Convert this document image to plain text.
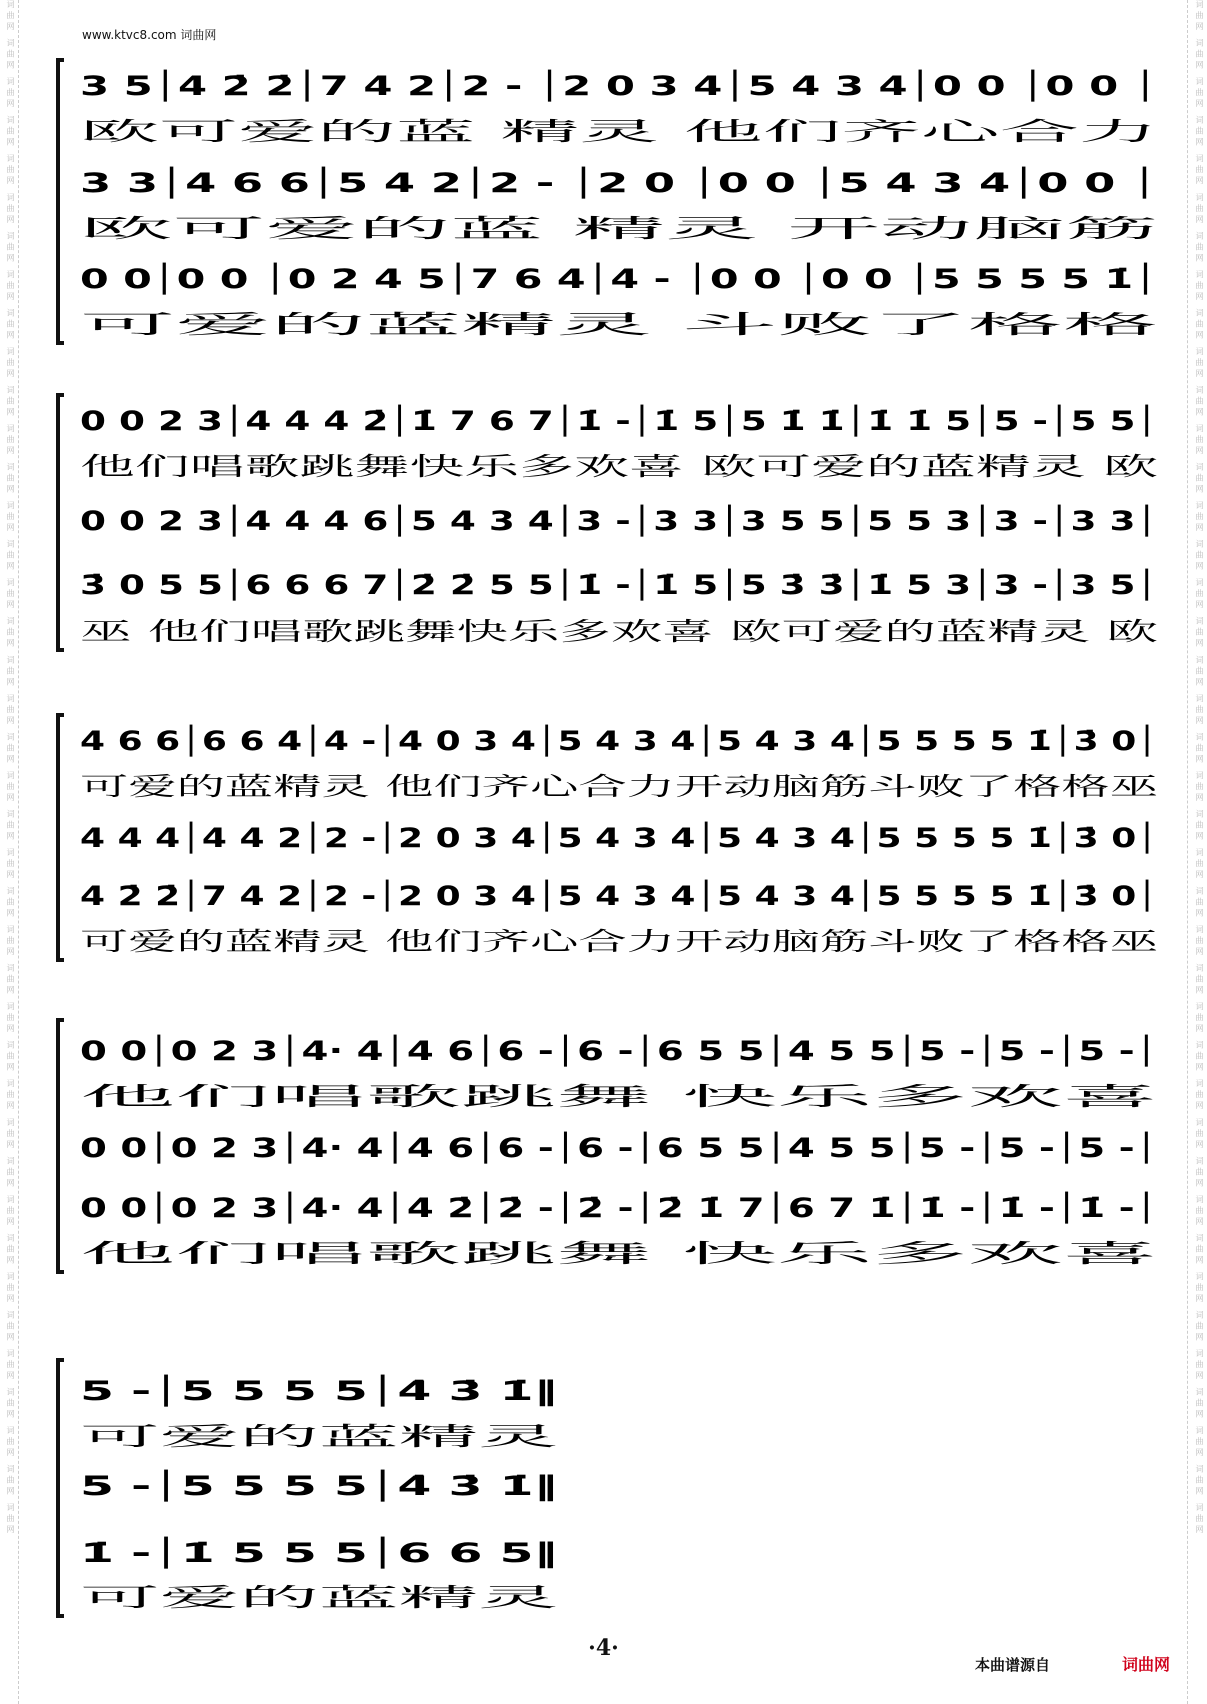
www.ktvc8.com 词曲网
词曲网 词曲网 词曲网 词曲网 词曲网 词曲网 词曲网 词曲网 词曲网 词曲网 词曲网 词曲网 词曲网 词曲网 词曲网 词曲网 词曲网 词曲网 词曲网 词曲网 词曲网 词曲网 词曲网 词曲网 词曲网 词曲网 词曲网 词曲网 词曲网 词曲网 词曲网 词曲网 词曲网 词曲网 词曲网 词曲网 词曲网 词曲网 词曲网 词曲网	词曲网 词曲网 词曲网 词曲网 词曲网 词曲网 词曲网 词曲网 词曲网 词曲网 词曲网 词曲网 词曲网 词曲网 词曲网 词曲网 词曲网 词曲网 词曲网 词曲网 词曲网 词曲网 词曲网 词曲网 词曲网 词曲网 词曲网 词曲网 词曲网 词曲网 词曲网 词曲网 词曲网 词曲网 词曲网 词曲网 词曲网 词曲网 词曲网 词曲网
3 5│4 2̇ 2̇│7 4 2│2 - │2 0 3 4│5 4 3 4│0 0 │0 0 │
欧可爱的蓝 精灵 他们齐心合力
3 3│4 6 6│5 4 2│2 - │2 0 │0 0 │5 4 3 4│0 0 │
欧可爱的蓝 精灵 开动脑筋
0 0│0 0 │0 2 4 5│7 6 4│4 - │0 0 │0 0 │5 5 5 5 1̇│
可爱的蓝精灵 斗败了格格
0 0 2 3│4 4 4 2̇│1̇ 7 6 7│1̇ -│1̇ 5│5 1̇ 1̇│1̇ 1̇ 5│5 -│5 5│
他们唱歌跳舞快乐多欢喜 欧可爱的蓝精灵 欧
0 0 2 3│4 4 4 6│5 4 3 4│3 -│3 3│3 5 5│5 5 3│3 -│3 3│
3̇ 0 5 5│6 6 6 7│2̇ 2̇ 5 5│1̇ -│1̇ 5│5 3̇ 3̇│1̇ 5 3│3 -│3 5│
巫 他们唱歌跳舞快乐多欢喜 欧可爱的蓝精灵 欧
4 6 6│6 6 4│4 -│4 0 3 4│5 4 3 4│5 4 3 4│5 5 5 5 1̇│3̇ 0│
可爱的蓝精灵 他们齐心合力开动脑筋斗败了格格巫
4 4 4│4 4 2│2 -│2 0 3 4│5 4 3 4│5 4 3 4│5 5 5 5 1̇│3̇ 0│
4 2̇ 2̇│7 4 2│2 -│2 0 3 4│5 4 3 4│5 4 3 4│5 5 5 5 1̇│3̇ 0│
可爱的蓝精灵 他们齐心合力开动脑筋斗败了格格巫
0 0│0 2 3│4· 4│4 6│6 -│6 -│6 5 5│4 5 5│5 -│5 -│5 -│
他们唱歌跳舞 快乐多欢喜
0 0│0 2 3│4· 4│4 6│6 -│6 -│6 5 5│4 5 5│5 -│5 -│5 -│
0 0│0 2 3│4· 4│4 2̇│2̇ -│2̇ -│2̇ 1̇ 7│6 7 1̇│1̇ -│1̇ -│1̇ -│
他们唱歌跳舞 快乐多欢喜
5 -│5 5 5 5│4̇ 3̇ 1̇‖
可爱的蓝精灵
5 -│5 5 5 5│4̇ 3̇ 1̇‖
1̇ -│1̇ 5 5 5│6 6 5‖
可爱的蓝精灵
·4·
本曲谱源自	词曲网
